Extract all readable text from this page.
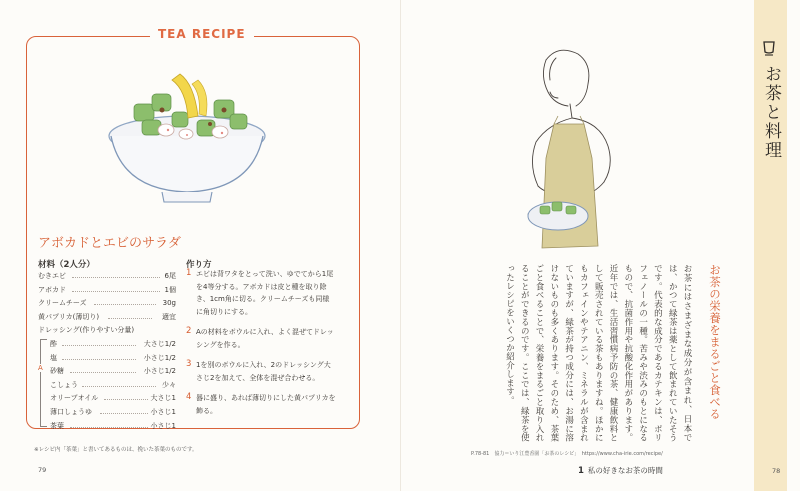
TEA RECIPE
アボカドとエビのサラダ
材料（2人分）	作り方
むきエビ	6尾
アボカド	1個
クリームチーズ	30g
黄パプリカ(薄切り)	適宜
ドレッシング(作りやすい分量)
酢	大さじ1/2
塩	小さじ1/2
砂糖	小さじ1/2
こしょう	少々
オリーブオイル	大さじ1
薄口しょうゆ	小さじ1
茶葉	小さじ1
A
1 エビは背ワタをとって洗い、ゆでてから1尾を4等分する。アボカドは皮と種を取り除き、1cm角に切る。クリームチーズも同様に角切りにする。
2 Aの材料をボウルに入れ、よく混ぜてドレッシングを作る。
3 1を別のボウルに入れ、2のドレッシング大さじ2を加えて、全体を混ぜ合わせる。
4 器に盛り、あれば薄切りにした黄パプリカを飾る。
※レシピ内「茶葉」と書いてあるものは、挽いた茶葉のものです。
79
お茶の栄養をまるごと食べる
お茶にはさまざまな成分が含まれ、日本では、かつて緑茶は薬として飲まれていたそうです。代表的な成分であるカテキンは、ポリフェノールの一種。苦みや渋みのもとになるもので、抗菌作用や抗酸化作用があります。近年では、生活習慣病予防の茶、健康飲料として販売されている茶もありますね。ほかにもカフェインやテアニン、ミネラルが含まれていますが、緑茶が持つ成分には、お湯に溶けないものも多くあります。そのため、茶葉ごと食べることで、栄養をまるごと取り入れることができるのです。ここでは、緑茶を使ったレシピをいくつか紹介します。
P.78-81　協力＝いり江豊香園「お茶のレシピ」　https://www.cha-irie.com/recipe/
お茶と料理
1 私の好きなお茶の時間	78
